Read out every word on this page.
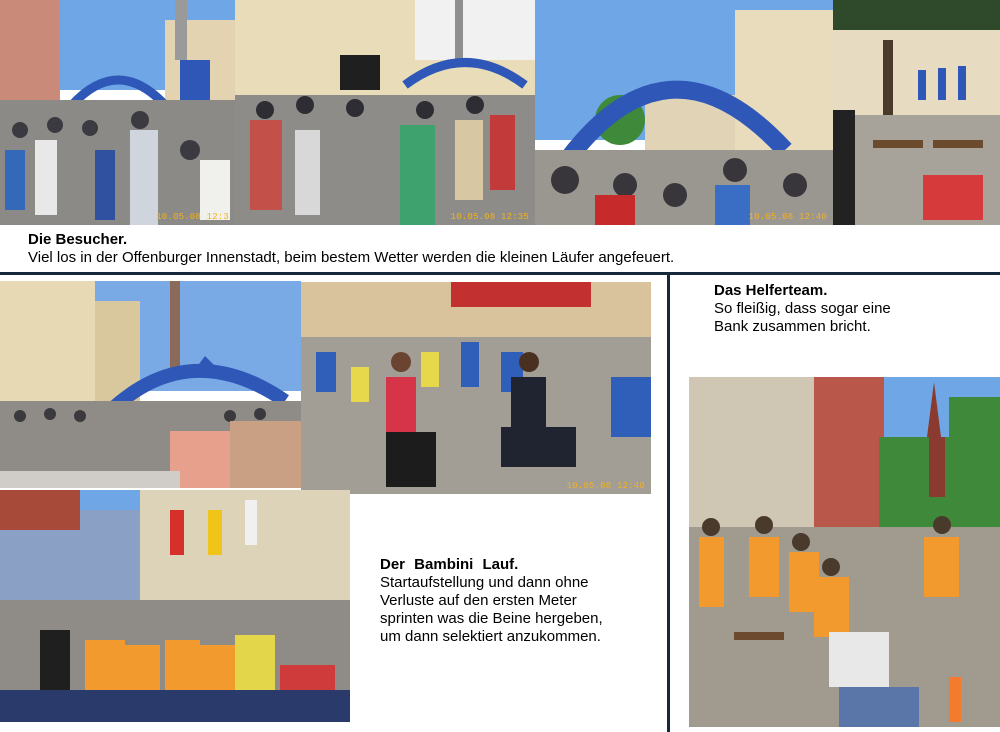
10.05.08 12:3	10.05.08 12:35	10.05.08 12:40
Die Besucher.
Viel los in der Offenburger Innenstadt, beim bestem Wetter werden die kleinen Läufer angefeuert.
10.05.08 12:40
Das Helferteam.
So fleißig, dass sogar eine
Bank zusammen bricht.
Der Bambini Lauf.
Startaufstellung und dann ohne
Verluste auf den ersten Meter
sprinten was die Beine hergeben,
um dann selektiert anzukommen.
